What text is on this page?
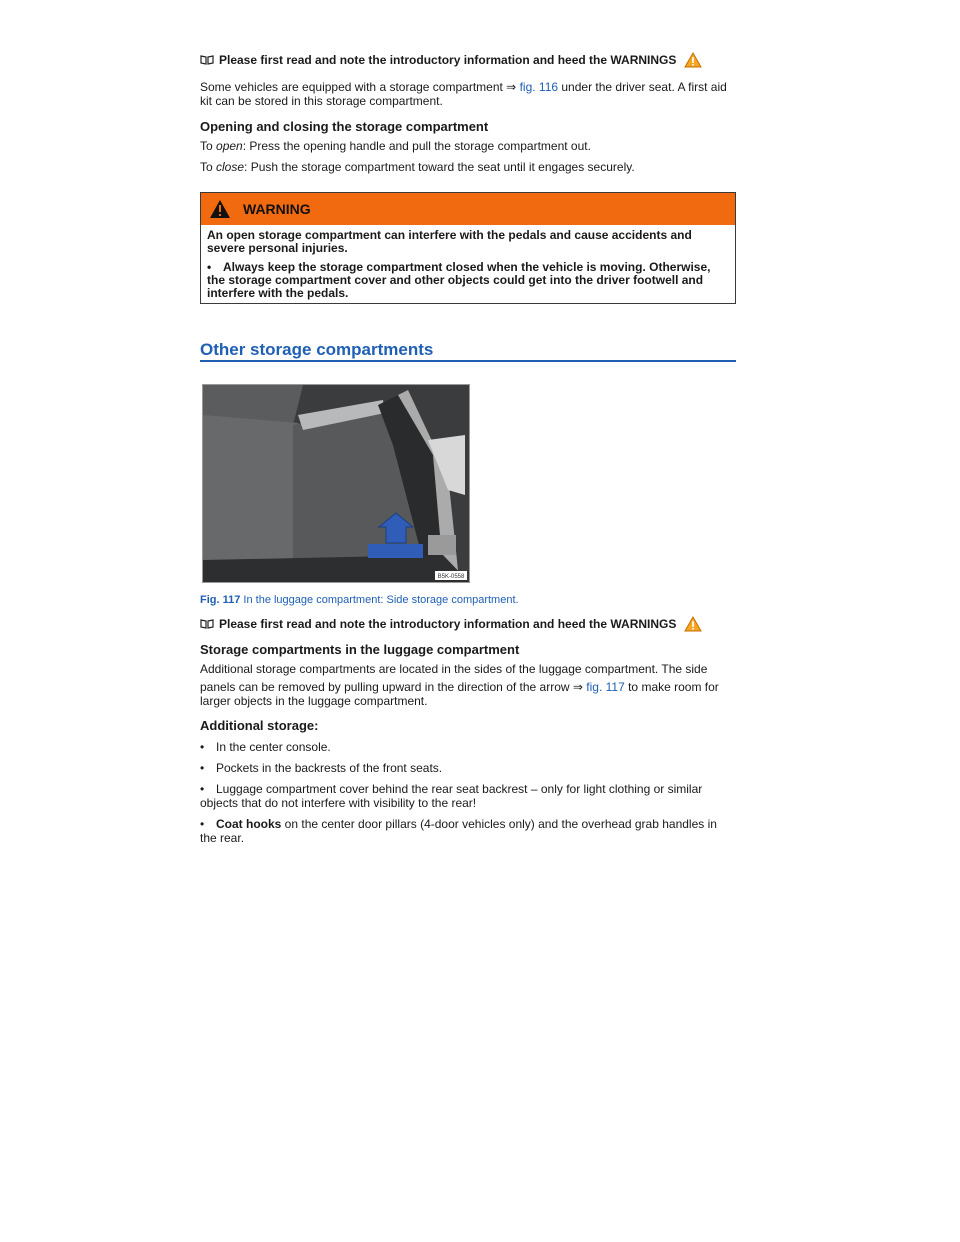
Please first read and note the introductory information and heed the WARNINGS

Some vehicles are equipped with a storage compartment ⇒ fig. 116 under the driver seat. A first aid kit can be stored in this storage compartment.

Opening and closing the storage compartment

To open: Press the opening handle and pull the storage compartment out.

To close: Push the storage compartment toward the seat until it engages securely.

WARNING

An open storage compartment can interfere with the pedals and cause accidents and severe personal injuries.

• Always keep the storage compartment closed when the vehicle is moving. Otherwise, the storage compartment cover and other objects could get into the driver footwell and interfere with the pedals.

Other storage compartments
B5K-0558
Fig. 117 In the luggage compartment: Side storage compartment.
Please first read and note the introductory information and heed the WARNINGS

Storage compartments in the luggage compartment

Additional storage compartments are located in the sides of the luggage compartment. The side

panels can be removed by pulling upward in the direction of the arrow ⇒ fig. 117 to make room for larger objects in the luggage compartment.

Additional storage:

• In the center console.
• Pockets in the backrests of the front seats.
• Luggage compartment cover behind the rear seat backrest – only for light clothing or similar objects that do not interfere with visibility to the rear!
• Coat hooks on the center door pillars (4-door vehicles only) and the overhead grab handles in the rear.
